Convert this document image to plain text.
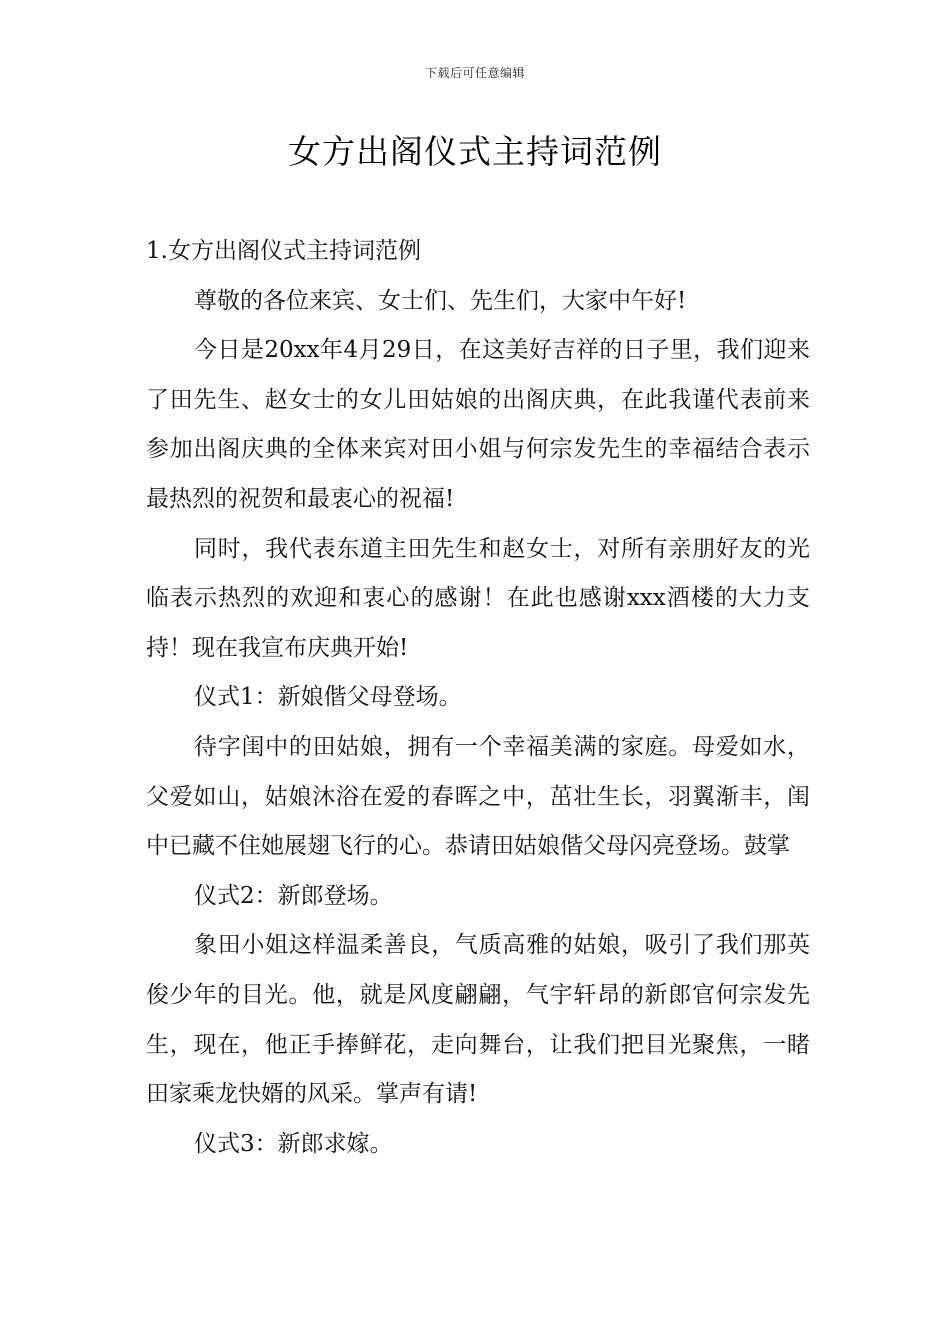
下载后可任意编辑
女方出阁仪式主持词范例

1.女方出阁仪式主持词范例

尊敬的各位来宾、女士们、先生们，大家中午好!

今日是20xx年4月29日，在这美好吉祥的日子里，我们迎来了田先生、赵女士的女儿田姑娘的出阁庆典，在此我谨代表前来参加出阁庆典的全体来宾对田小姐与何宗发先生的幸福结合表示最热烈的祝贺和最衷心的祝福!

同时，我代表东道主田先生和赵女士，对所有亲朋好友的光临表示热烈的欢迎和衷心的感谢！在此也感谢xxx酒楼的大力支持！现在我宣布庆典开始!

仪式1：新娘偕父母登场。

待字闺中的田姑娘，拥有一个幸福美满的家庭。母爱如水，父爱如山，姑娘沐浴在爱的春晖之中，茁壮生长，羽翼渐丰，闺中已藏不住她展翅飞行的心。恭请田姑娘偕父母闪亮登场。鼓掌

仪式2：新郎登场。

象田小姐这样温柔善良，气质高雅的姑娘，吸引了我们那英俊少年的目光。他，就是风度翩翩，气宇轩昂的新郎官何宗发先生，现在，他正手捧鲜花，走向舞台，让我们把目光聚焦，一睹田家乘龙快婿的风采。掌声有请!

仪式3：新郎求嫁。
